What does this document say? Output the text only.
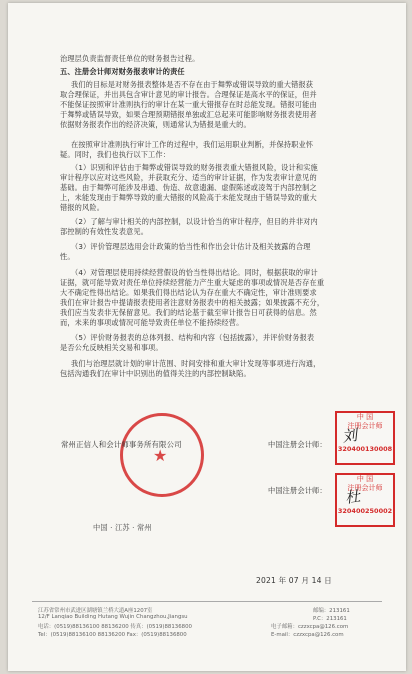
治理层负责监督责任单位的财务报告过程。
五、注册会计师对财务报表审计的责任
我们的目标是对财务报表整体是否不存在由于舞弊或错误导致的重大错报获
取合理保证，并出具包含审计意见的审计报告。合理保证是高水平的保证，但并
不能保证按照审计准则执行的审计在某一重大错报存在时总能发现。错报可能由
于舞弊或错误导致，如果合理预期错报单独或汇总起来可能影响财务报表使用者
依据财务报表作出的经济决策，则通常认为错报是重大的。
在按照审计准则执行审计工作的过程中，我们运用职业判断，并保持职业怀
疑。同时，我们也执行以下工作：
（1）识别和评估由于舞弊或错误导致的财务报表重大错报风险，设计和实施
审计程序以应对这些风险，并获取充分、适当的审计证据，作为发表审计意见的
基础。由于舞弊可能涉及串通、伪造、故意遗漏、虚假陈述或凌驾于内部控制之
上，未能发现由于舞弊导致的重大错报的风险高于未能发现由于错误导致的重大
错报的风险。
（2）了解与审计相关的内部控制，以设计恰当的审计程序，但目的并非对内
部控制的有效性发表意见。
（3）评价管理层选用会计政策的恰当性和作出会计估计及相关披露的合理
性。
（4）对管理层使用持续经营假设的恰当性得出结论。同时，根据获取的审计
证据，就可能导致对责任单位持续经营能力产生重大疑虑的事项或情况是否存在重
大不确定性得出结论。如果我们得出结论认为存在重大不确定性，审计准则要求
我们在审计报告中提请报表使用者注意财务报表中的相关披露；如果披露不充分，
我们应当发表非无保留意见。我们的结论基于截至审计报告日可获得的信息。然
而，未来的事项或情况可能导致责任单位不能持续经营。
（5）评价财务报表的总体列报、结构和内容（包括披露），并评价财务报表
是否公允反映相关交易和事项。
我们与治理层就计划的审计范围、时间安排和重大审计发现等事项进行沟通，
包括沟通我们在审计中识别出的值得关注的内部控制缺陷。
★
常州正信人和会计师事务所有限公司	中国注册会计师：
中国注册会计师：
中国 · 江苏 · 常州
2021 年 07 月 14 日
中 国
注册会计师
320400130008
刘
中 国
注册会计师
320400250002
杜
江苏省常州市武进区湖塘镇兰桥大道A座1207室	邮编：213161
12/F Lanqiao Building Hutang Wujin Changzhou,Jiangsu	P.C：213161
电话：(0519)88136100 88136200 传真：(0519)88136800	电子邮箱：czzxcpa@126.com
Tel：(0519)88136100 88136200 Fax：(0519)88136800	E-mail：czzxcpa@126.com
